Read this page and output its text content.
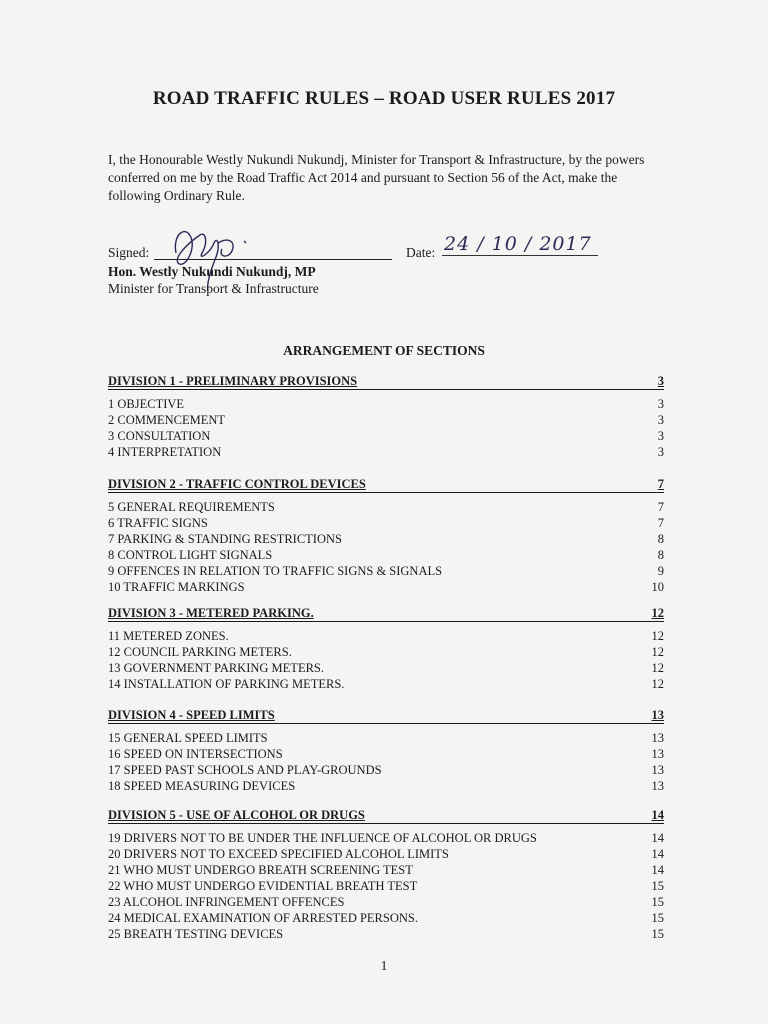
ROAD TRAFFIC RULES – ROAD USER RULES 2017
I, the Honourable Westly Nukundi Nukundj, Minister for Transport & Infrastructure, by the powers conferred on me by the Road Traffic Act 2014 and pursuant to Section 56 of the Act, make the following Ordinary Rule.
Signed:	Date: 24 / 10 / 2017
Hon. Westly Nukundi Nukundj, MP
Minister for Transport & Infrastructure
ARRANGEMENT OF SECTIONS
DIVISION 1 - PRELIMINARY PROVISIONS	3
1 OBJECTIVE	3
2 COMMENCEMENT	3
3 CONSULTATION	3
4 INTERPRETATION	3
DIVISION 2 - TRAFFIC CONTROL DEVICES	7
5 GENERAL REQUIREMENTS	7
6 TRAFFIC SIGNS	7
7 PARKING & STANDING RESTRICTIONS	8
8 CONTROL LIGHT SIGNALS	8
9 OFFENCES IN RELATION TO TRAFFIC SIGNS & SIGNALS	9
10 TRAFFIC MARKINGS	10
DIVISION 3 - METERED PARKING.	12
11 METERED ZONES.	12
12 COUNCIL PARKING METERS.	12
13 GOVERNMENT PARKING METERS.	12
14 INSTALLATION OF PARKING METERS.	12
DIVISION 4 - SPEED LIMITS	13
15 GENERAL SPEED LIMITS	13
16 SPEED ON INTERSECTIONS	13
17 SPEED PAST SCHOOLS AND PLAY-GROUNDS	13
18 SPEED MEASURING DEVICES	13
DIVISION 5 - USE OF ALCOHOL OR DRUGS	14
19 DRIVERS NOT TO BE UNDER THE INFLUENCE OF ALCOHOL OR DRUGS	14
20 DRIVERS NOT TO EXCEED SPECIFIED ALCOHOL LIMITS	14
21 WHO MUST UNDERGO BREATH SCREENING TEST	14
22 WHO MUST UNDERGO EVIDENTIAL BREATH TEST	15
23 ALCOHOL INFRINGEMENT OFFENCES	15
24 MEDICAL EXAMINATION OF ARRESTED PERSONS.	15
25 BREATH TESTING DEVICES	15
1
